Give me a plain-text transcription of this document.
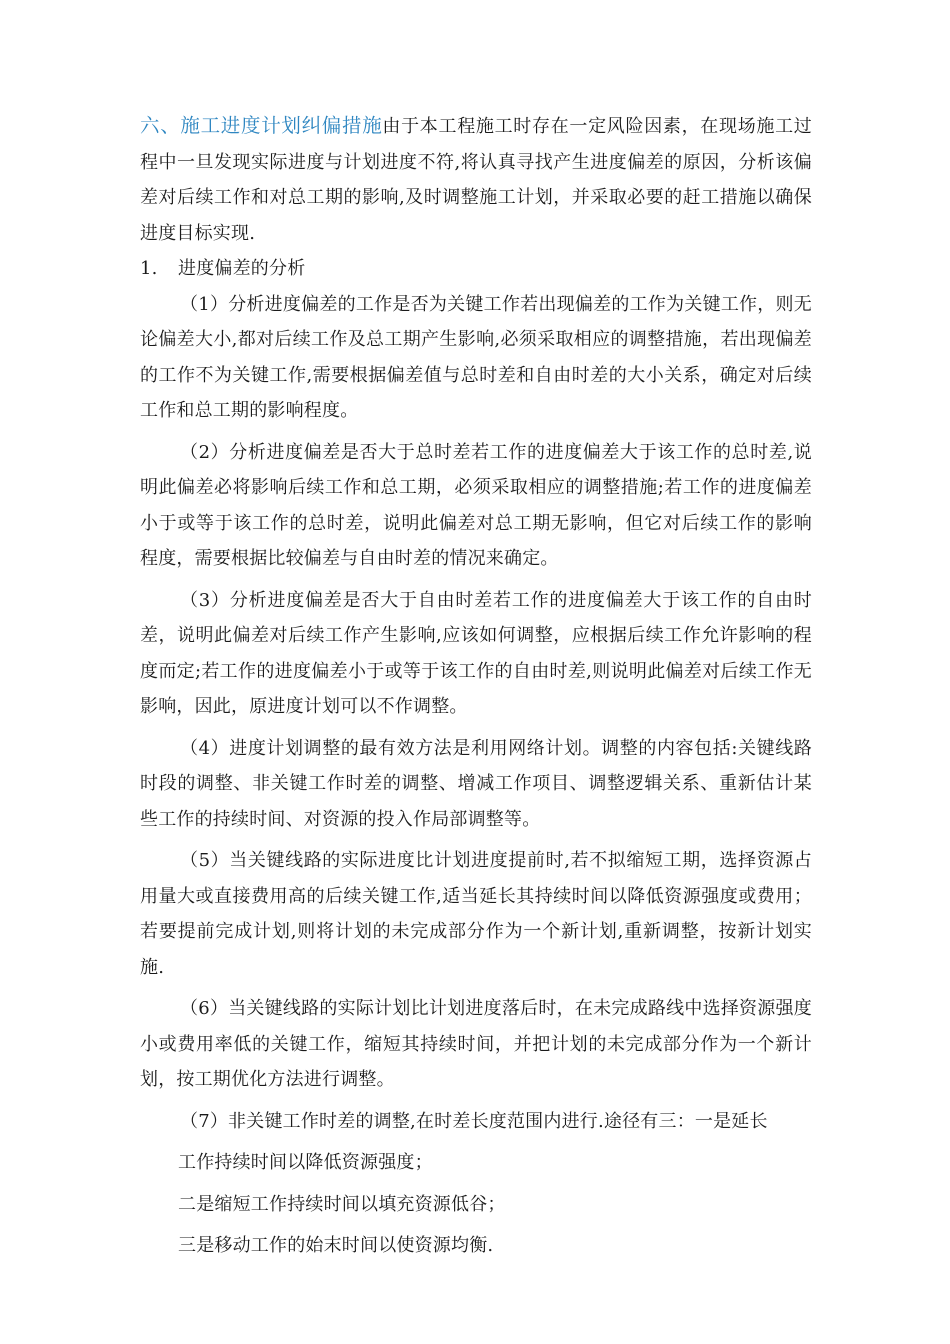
六、施工进度计划纠偏措施由于本工程施工时存在一定风险因素，在现场施工过程中一旦发现实际进度与计划进度不符,将认真寻找产生进度偏差的原因，分析该偏差对后续工作和对总工期的影响,及时调整施工计划，并采取必要的赶工措施以确保进度目标实现.

1. 进度偏差的分析

（1）分析进度偏差的工作是否为关键工作若出现偏差的工作为关键工作，则无论偏差大小,都对后续工作及总工期产生影响,必须采取相应的调整措施，若出现偏差的工作不为关键工作,需要根据偏差值与总时差和自由时差的大小关系，确定对后续工作和总工期的影响程度。

（2）分析进度偏差是否大于总时差若工作的进度偏差大于该工作的总时差,说明此偏差必将影响后续工作和总工期，必须采取相应的调整措施;若工作的进度偏差小于或等于该工作的总时差，说明此偏差对总工期无影响，但它对后续工作的影响程度，需要根据比较偏差与自由时差的情况来确定。

（3）分析进度偏差是否大于自由时差若工作的进度偏差大于该工作的自由时差，说明此偏差对后续工作产生影响,应该如何调整，应根据后续工作允许影响的程度而定;若工作的进度偏差小于或等于该工作的自由时差,则说明此偏差对后续工作无影响，因此，原进度计划可以不作调整。

（4）进度计划调整的最有效方法是利用网络计划。调整的内容包括:关键线路时段的调整、非关键工作时差的调整、增减工作项目、调整逻辑关系、重新估计某些工作的持续时间、对资源的投入作局部调整等。

（5）当关键线路的实际进度比计划进度提前时,若不拟缩短工期，选择资源占用量大或直接费用高的后续关键工作,适当延长其持续时间以降低资源强度或费用；若要提前完成计划,则将计划的未完成部分作为一个新计划,重新调整，按新计划实施.

（6）当关键线路的实际计划比计划进度落后时，在未完成路线中选择资源强度小或费用率低的关键工作，缩短其持续时间，并把计划的未完成部分作为一个新计划，按工期优化方法进行调整。

（7）非关键工作时差的调整,在时差长度范围内进行.途径有三：一是延长

工作持续时间以降低资源强度；

二是缩短工作持续时间以填充资源低谷；

三是移动工作的始末时间以使资源均衡.
